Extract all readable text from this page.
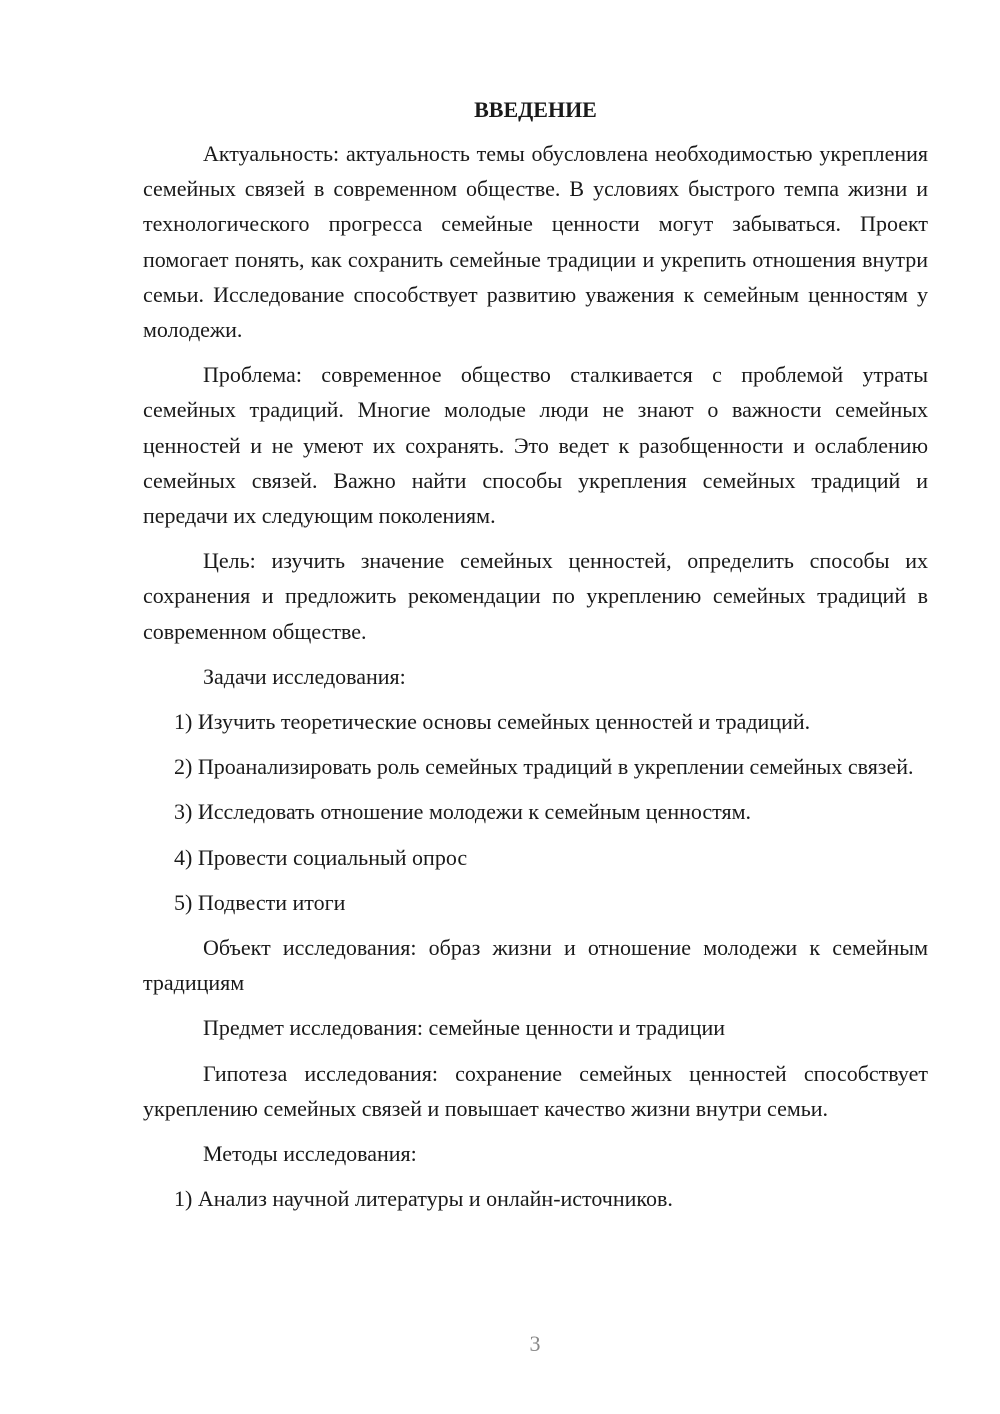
ВВЕДЕНИЕ

Актуальность: актуальность темы обусловлена необходимостью укрепления семейных связей в современном обществе. В условиях быстрого темпа жизни и технологического прогресса семейные ценности могут забываться. Проект помогает понять, как сохранить семейные традиции и укрепить отношения внутри семьи. Исследование способствует развитию уважения к семейным ценностям у молодежи.

Проблема: современное общество сталкивается с проблемой утраты семейных традиций. Многие молодые люди не знают о важности семейных ценностей и не умеют их сохранять. Это ведет к разобщенности и ослаблению семейных связей. Важно найти способы укрепления семейных традиций и передачи их следующим поколениям.

Цель: изучить значение семейных ценностей, определить способы их сохранения и предложить рекомендации по укреплению семейных традиций в современном обществе.

Задачи исследования:

1) Изучить теоретические основы семейных ценностей и традиций.

2) Проанализировать роль семейных традиций в укреплении семейных связей.

3) Исследовать отношение молодежи к семейным ценностям.

4) Провести социальный опрос

5) Подвести итоги

Объект исследования: образ жизни и отношение молодежи к семейным традициям

Предмет исследования: семейные ценности и традиции

Гипотеза исследования: сохранение семейных ценностей способствует укреплению семейных связей и повышает качество жизни внутри семьи.

Методы исследования:

1) Анализ научной литературы и онлайн-источников.

3
